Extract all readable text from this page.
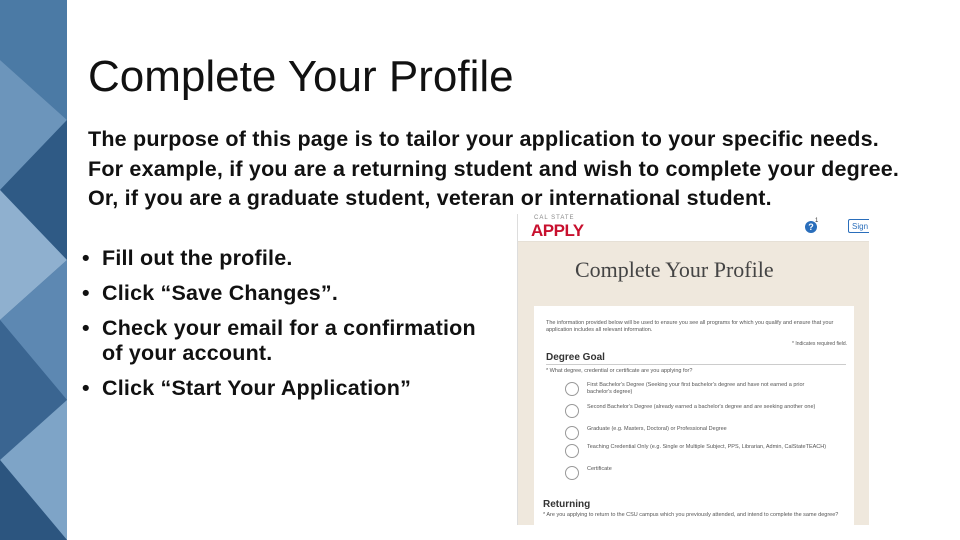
Complete Your Profile
The purpose of this page is to tailor your application to your specific needs. For example, if you are a returning student and wish to complete your degree. Or, if you are a graduate student, veteran or international student.
• Fill out the profile.
• Click “Save Changes”.
• Check your email for a confirmation of your account.
• Click “Start Your Application”
CAL STATE
APPLY	?
1
Sign
Complete Your Profile
The information provided below will be used to ensure you see all programs for which you qualify and ensure that your application includes all relevant information.
* Indicates required field.
Degree Goal
* What degree, credential or certificate are you applying for?
First Bachelor's Degree (Seeking your first bachelor's degree and have not earned a prior bachelor's degree)
Second Bachelor's Degree (already earned a bachelor's degree and are seeking another one)
Graduate (e.g. Masters, Doctoral) or Professional Degree
Teaching Credential Only (e.g. Single or Multiple Subject, PPS, Librarian, Admin, CalStateTEACH)
Certificate
Returning
* Are you applying to return to the CSU campus which you previously attended, and intend to complete the same degree?
